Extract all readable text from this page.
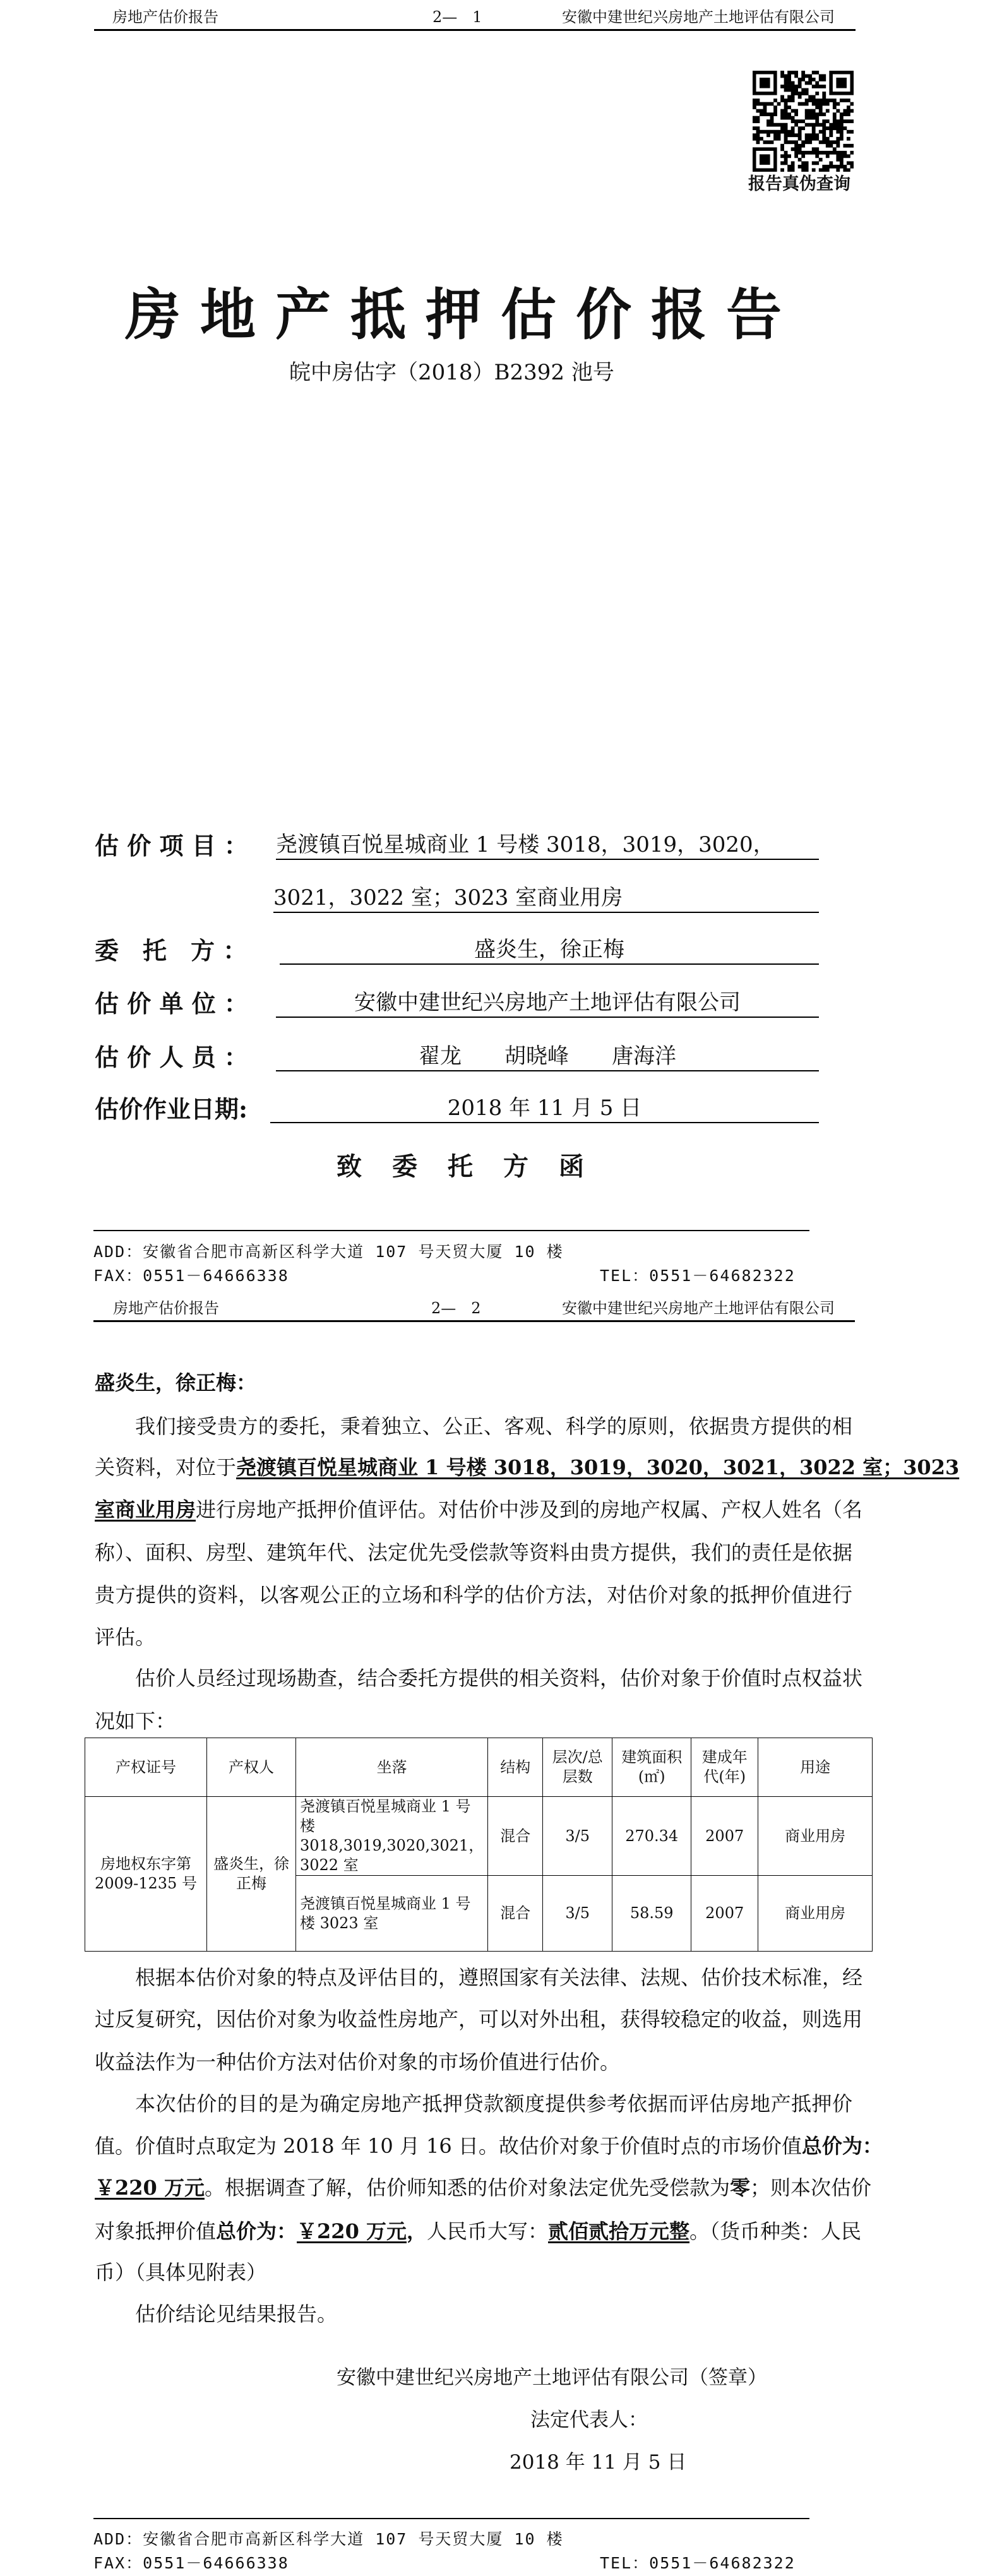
房地产估价报告	2—　1	安徽中建世纪兴房地产土地评估有限公司
报告真伪查询
房地产抵押估价报告
皖中房估字（2018）B2392 池号
估 价 项 目 ： 尧渡镇百悦星城商业 1 号楼 3018，3019，3020，
3021，3022 室；3023 室商业用房
委　托　方 ：	盛炎生，徐正梅
估 价 单 位 ：	安徽中建世纪兴房地产土地评估有限公司
估 价 人 员 ：	翟龙　　胡晓峰　　唐海洋
估价作业日期:	2018 年 11 月 5 日
致　委　托　方　函
ADD：安徽省合肥市高新区科学大道 107 号天贸大厦 10 楼
FAX：0551－64666338	TEL：0551－64682322
房地产估价报告	2—　2	安徽中建世纪兴房地产土地评估有限公司
盛炎生，徐正梅：
我们接受贵方的委托，秉着独立、公正、客观、科学的原则，依据贵方提供的相
关资料，对位于尧渡镇百悦星城商业 1 号楼 3018，3019，3020，3021，3022 室；3023
室商业用房进行房地产抵押价值评估。对估价中涉及到的房地产权属、产权人姓名（名
称）、面积、房型、建筑年代、法定优先受偿款等资料由贵方提供，我们的责任是依据
贵方提供的资料，以客观公正的立场和科学的估价方法，对估价对象的抵押价值进行
评估。
估价人员经过现场勘查，结合委托方提供的相关资料，估价对象于价值时点权益状
况如下：
产权证号	产权人	坐落	结构	层次/总层数	建筑面积(㎡)	建成年代(年)	用途
房地权东字第 2009-1235 号	盛炎生，徐正梅	尧渡镇百悦星城商业 1 号楼 3018,3019,3020,3021，3022 室	混合	3/5	270.34	2007	商业用房
		尧渡镇百悦星城商业 1 号楼 3023 室	混合	3/5	58.59	2007	商业用房
根据本估价对象的特点及评估目的，遵照国家有关法律、法规、估价技术标准，经
过反复研究，因估价对象为收益性房地产，可以对外出租，获得较稳定的收益，则选用
收益法作为一种估价方法对估价对象的市场价值进行估价。
本次估价的目的是为确定房地产抵押贷款额度提供参考依据而评估房地产抵押价
值。价值时点取定为 2018 年 10 月 16 日。故估价对象于价值时点的市场价值总价为：
￥220 万元。根据调查了解，估价师知悉的估价对象法定优先受偿款为零；则本次估价
对象抵押价值总价为：￥220 万元，人民币大写：贰佰贰拾万元整。（货币种类：人民
币）（具体见附表）
估价结论见结果报告。
安徽中建世纪兴房地产土地评估有限公司（签章）
法定代表人：
2018 年 11 月 5 日
ADD：安徽省合肥市高新区科学大道 107 号天贸大厦 10 楼
FAX：0551－64666338	TEL：0551－64682322
